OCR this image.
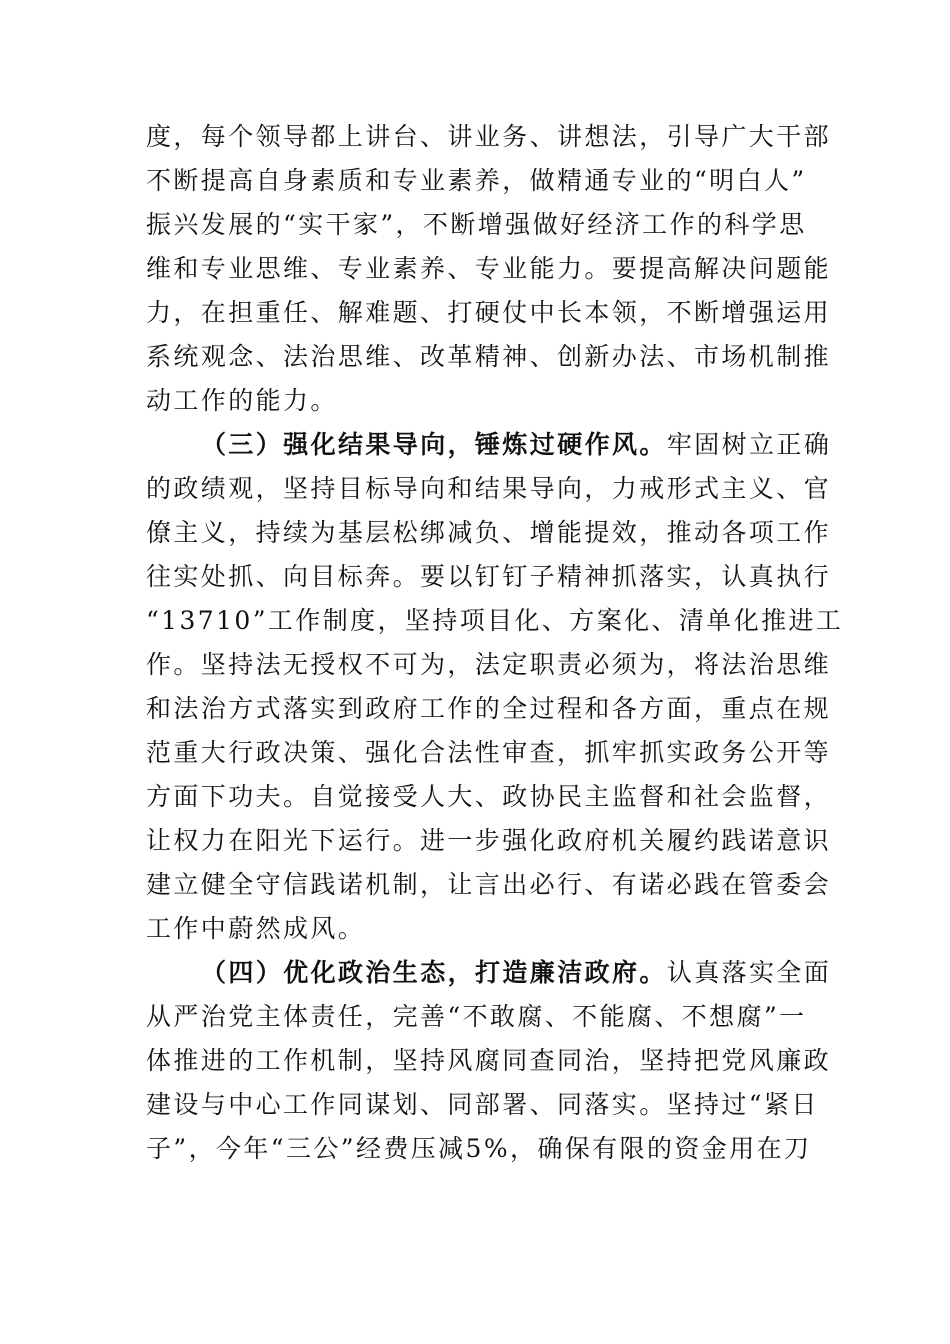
度，每个领导都上讲台、讲业务、讲想法，引导广大干部
不断提高自身素质和专业素养，做精通专业的“明白人”
振兴发展的“实干家”，不断增强做好经济工作的科学思
维和专业思维、专业素养、专业能力。要提高解决问题能
力，在担重任、解难题、打硬仗中长本领，不断增强运用
系统观念、法治思维、改革精神、创新办法、市场机制推
动工作的能力。
（三）强化结果导向，锤炼过硬作风。牢固树立正确
的政绩观，坚持目标导向和结果导向，力戒形式主义、官
僚主义，持续为基层松绑减负、增能提效，推动各项工作
往实处抓、向目标奔。要以钉钉子精神抓落实，认真执行
“13710”工作制度，坚持项目化、方案化、清单化推进工
作。坚持法无授权不可为，法定职责必须为，将法治思维
和法治方式落实到政府工作的全过程和各方面，重点在规
范重大行政决策、强化合法性审查，抓牢抓实政务公开等
方面下功夫。自觉接受人大、政协民主监督和社会监督，
让权力在阳光下运行。进一步强化政府机关履约践诺意识
建立健全守信践诺机制，让言出必行、有诺必践在管委会
工作中蔚然成风。
（四）优化政治生态，打造廉洁政府。认真落实全面
从严治党主体责任，完善“不敢腐、不能腐、不想腐”一
体推进的工作机制，坚持风腐同查同治，坚持把党风廉政
建设与中心工作同谋划、同部署、同落实。坚持过“紧日
子”，今年“三公”经费压减5%，确保有限的资金用在刀
